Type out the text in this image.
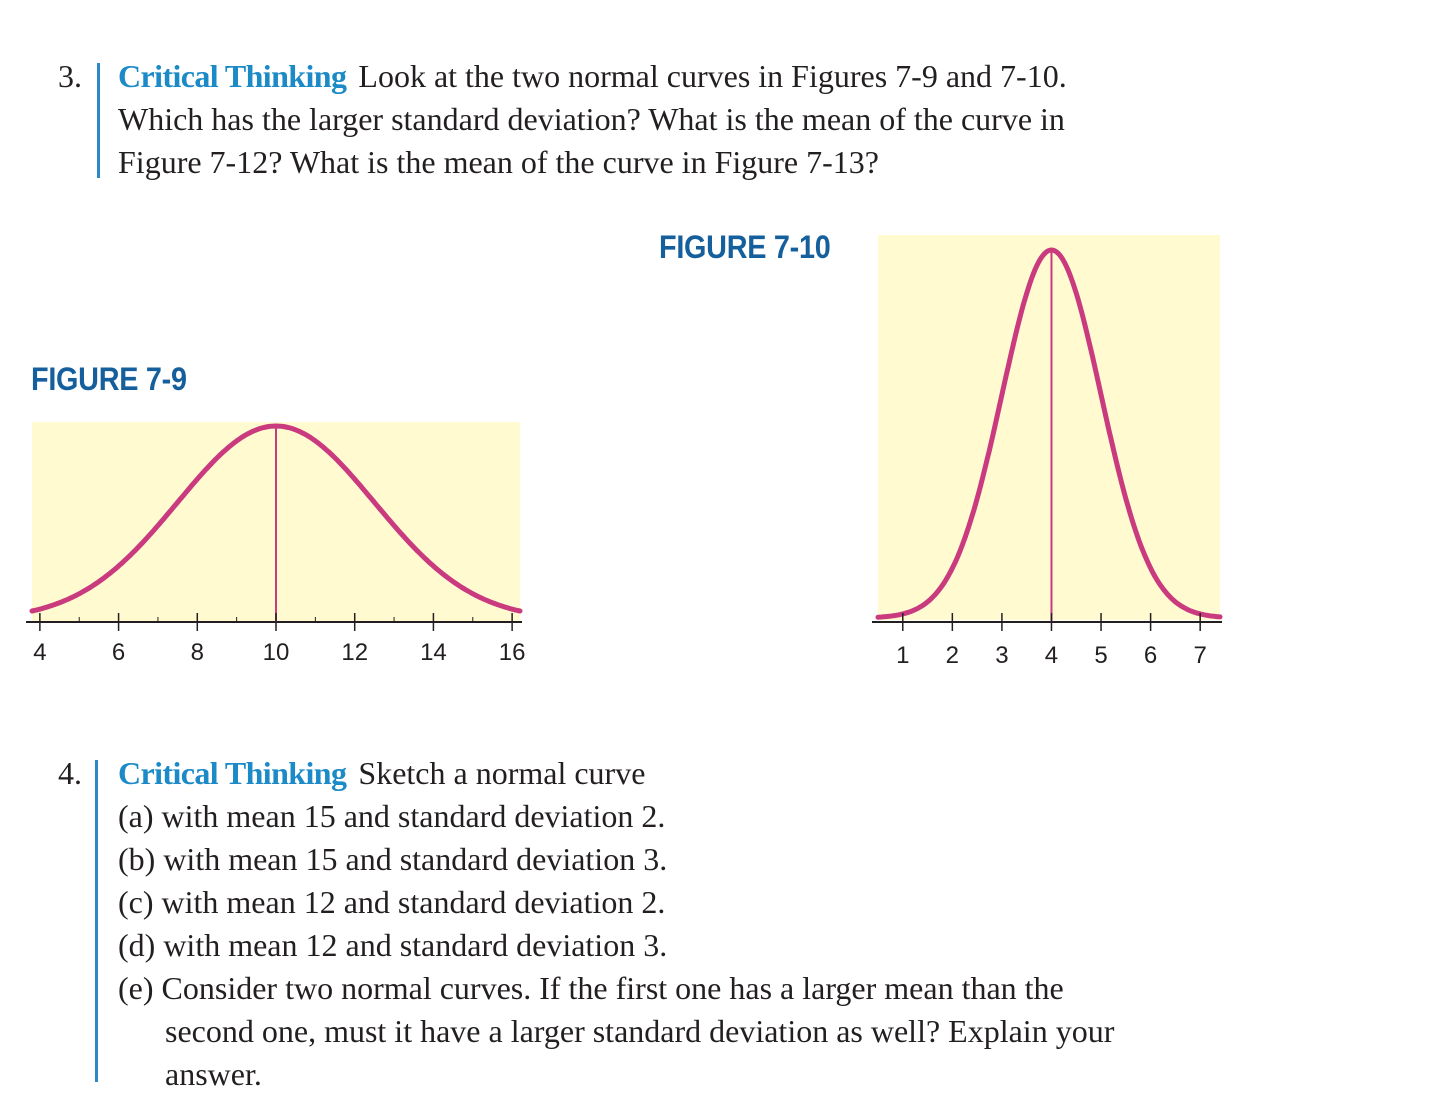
3. Critical Thinking Look at the two normal curves in Figures 7-9 and 7-10.
Which has the larger standard deviation? What is the mean of the curve in
Figure 7-12? What is the mean of the curve in Figure 7-13?
FIGURE 7-10
FIGURE 7-9
4	6	8 10 12 14 16	1 2 3 4 5 6 7
4. Critical Thinking Sketch a normal curve
(a) with mean 15 and standard deviation 2.
(b) with mean 15 and standard deviation 3.
(c) with mean 12 and standard deviation 2.
(d) with mean 12 and standard deviation 3.
(e) Consider two normal curves. If the first one has a larger mean than the
second one, must it have a larger standard deviation as well? Explain your
answer.
